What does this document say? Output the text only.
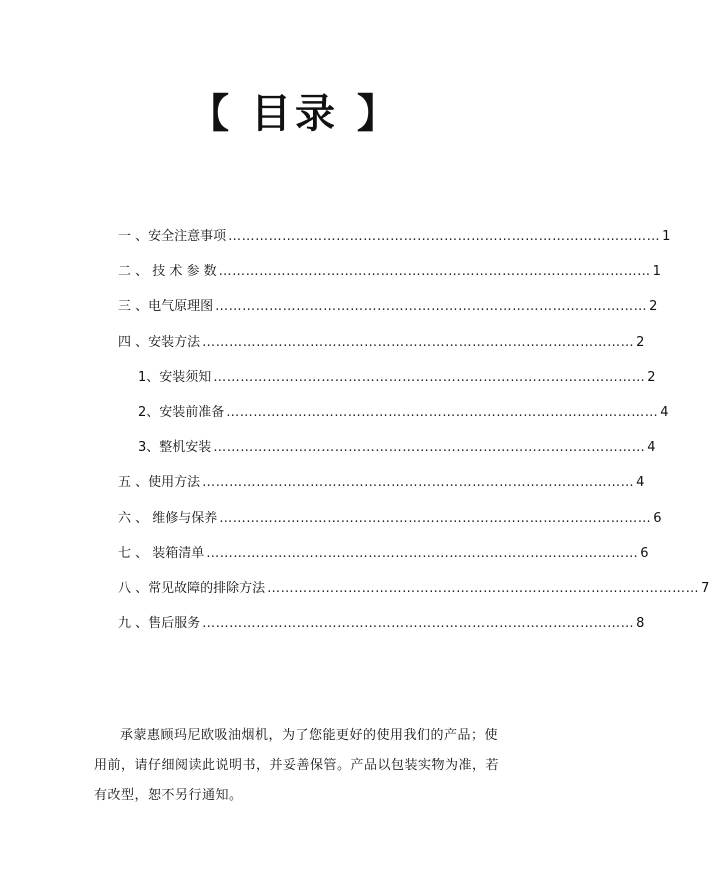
【 目录 】
一 、安全注意事项 …………………………………………………………………………………… 1
二 、 技 术 参 数 …………………………………………………………………………………… 1
三 、电气原理图 …………………………………………………………………………………… 2
四 、安装方法 …………………………………………………………………………………… 2
1、安装须知 …………………………………………………………………………………… 2
2、安装前准备 …………………………………………………………………………………… 4
3、整机安装 …………………………………………………………………………………… 4
五 、使用方法 …………………………………………………………………………………… 4
六 、 维修与保养 …………………………………………………………………………………… 6
七 、 装箱清单 …………………………………………………………………………………… 6
八 、常见故障的排除方法 …………………………………………………………………………………… 7
九 、售后服务 …………………………………………………………………………………… 8

承蒙惠顾玛尼欧吸油烟机，为了您能更好的使用我们的产品；使用前，请仔细阅读此说明书，并妥善保管。产品以包装实物为准，若有改型，恕不另行通知。
